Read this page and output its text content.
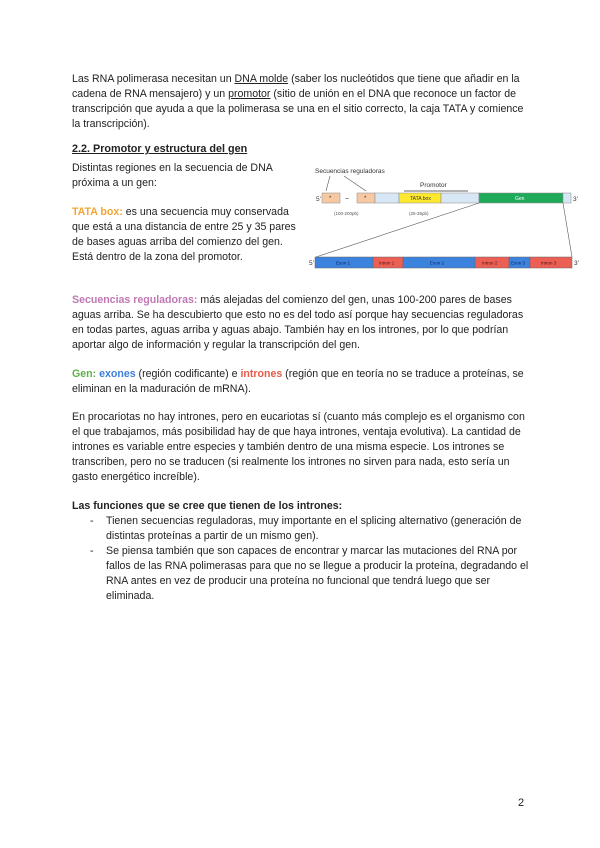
Las RNA polimerasa necesitan un DNA molde (saber los nucleótidos que tiene que añadir en la cadena de RNA mensajero) y un promotor (sitio de unión en el DNA que reconoce un factor de transcripción que ayuda a que la polimerasa se una en el sitio correcto, la caja TATA y comience la transcripción).

2.2. Promotor y estructura del gen

Distintas regiones en la secuencia de DNA próxima a un gen:

TATA box: es una secuencia muy conservada que está a una distancia de entre 25 y 35 pares de bases aguas arriba del comienzo del gen. Está dentro de la zona del promotor.

Secuencias reguladoras
Promotor
5' * ~ *	TATA box	Gen	3'
(100-200pb)	(25-35pb)
5'	Exon 1	Intron 1	Exon 2	Intron 2	Exon 3	Intron 3	3'

Secuencias reguladoras: más alejadas del comienzo del gen, unas 100-200 pares de bases aguas arriba. Se ha descubierto que esto no es del todo así porque hay secuencias reguladoras en todas partes, aguas arriba y aguas abajo. También hay en los intrones, por lo que podrían aportar algo de información y regular la transcripción del gen.

Gen: exones (región codificante) e intrones (región que en teoría no se traduce a proteínas, se eliminan en la maduración de mRNA).

En procariotas no hay intrones, pero en eucariotas sí (cuanto más complejo es el organismo con el que trabajamos, más posibilidad hay de que haya intrones, ventaja evolutiva). La cantidad de intrones es variable entre especies y también dentro de una misma especie. Los intrones se transcriben, pero no se traducen (si realmente los intrones no sirven para nada, esto sería un gasto energético increíble).

Las funciones que se cree que tienen de los intrones:

- Tienen secuencias reguladoras, muy importante en el splicing alternativo (generación de distintas proteínas a partir de un mismo gen).
- Se piensa también que son capaces de encontrar y marcar las mutaciones del RNA por fallos de las RNA polimerasas para que no se llegue a producir la proteína, degradando el RNA antes en vez de producir una proteína no funcional que tendrá luego que ser eliminada.
2
